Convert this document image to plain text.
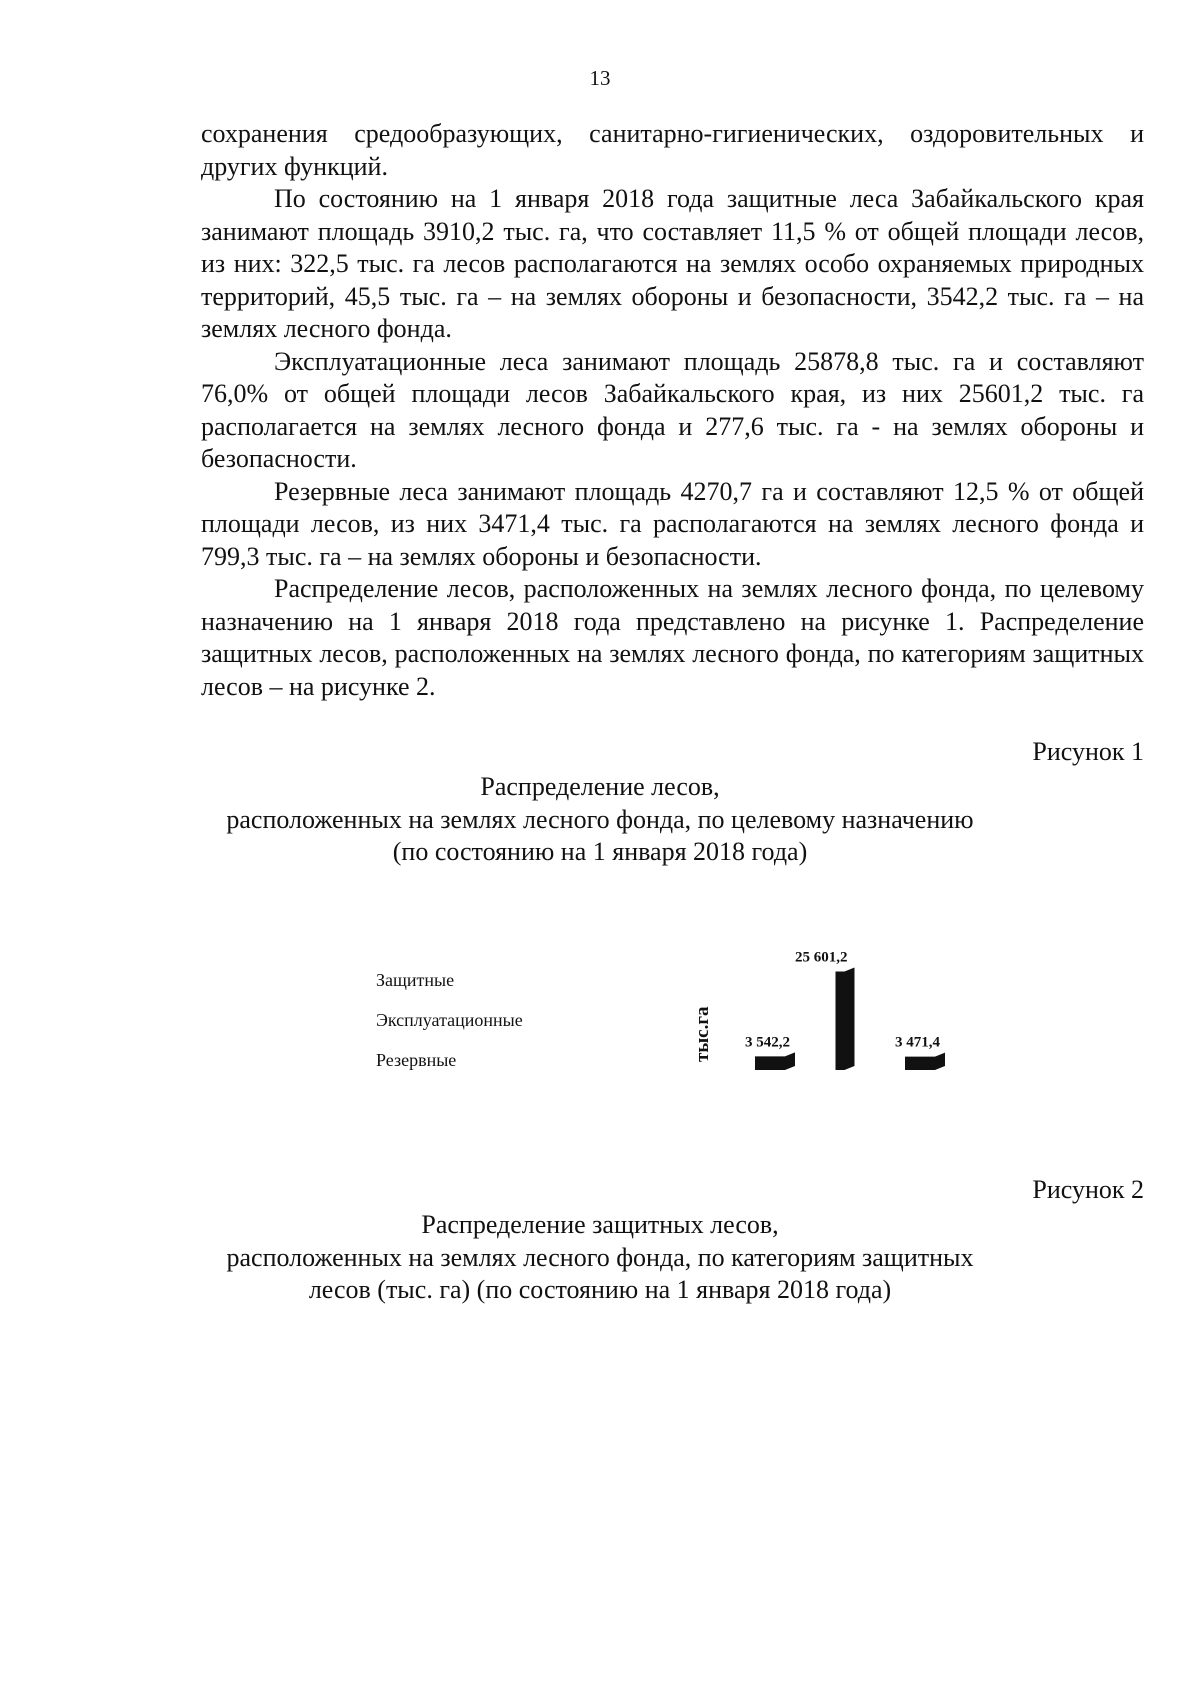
13

сохранения средообразующих, санитарно-гигиенических, оздоровительных и других функций.

По состоянию на 1 января 2018 года защитные леса Забайкальского края занимают площадь 3910,2 тыс. га, что составляет 11,5 % от общей площади лесов, из них: 322,5 тыс. га лесов располагаются на землях особо охраняемых природных территорий, 45,5 тыс. га – на землях обороны и безопасности, 3542,2 тыс. га – на землях лесного фонда.

Эксплуатационные леса занимают площадь 25878,8 тыс. га и составляют 76,0% от общей площади лесов Забайкальского края, из них 25601,2 тыс. га располагается на землях лесного фонда и 277,6 тыс. га - на землях обороны и безопасности.

Резервные леса занимают площадь 4270,7 га и составляют 12,5 % от общей площади лесов, из них 3471,4 тыс. га располагаются на землях лесного фонда и 799,3 тыс. га – на землях обороны и безопасности.

Распределение лесов, расположенных на землях лесного фонда, по целевому назначению на 1 января 2018 года представлено на рисунке 1. Распределение защитных лесов, расположенных на землях лесного фонда, по категориям защитных лесов – на рисунке 2.

Рисунок 1
Распределение лесов,
расположенных на землях лесного фонда, по целевому назначению
(по состоянию на 1 января 2018 года)
Защитные
Эксплуатационные
Резервные	тыс.га 3 542,2
25 601,2
3 471,4
Рисунок 2
Распределение защитных лесов,
расположенных на землях лесного фонда, по категориям защитных
лесов (тыс. га) (по состоянию на 1 января 2018 года)
